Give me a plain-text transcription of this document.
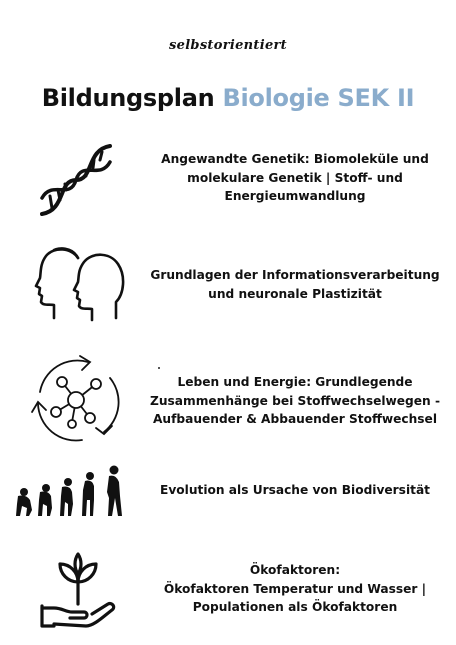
selbstorientiert
Bildungsplan Biologie SEK II
Angewandte Genetik: Biomoleküle und
molekulare Genetik | Stoff- und
Energieumwandlung
Grundlagen der Informationsverarbeitung
und neuronale Plastizität
Leben und Energie: Grundlegende
Zusammenhänge bei Stoffwechselwegen -
Aufbauender & Abbauender Stoffwechsel
Evolution als Ursache von Biodiversität
Ökofaktoren:
Ökofaktoren Temperatur und Wasser |
Populationen als Ökofaktoren
